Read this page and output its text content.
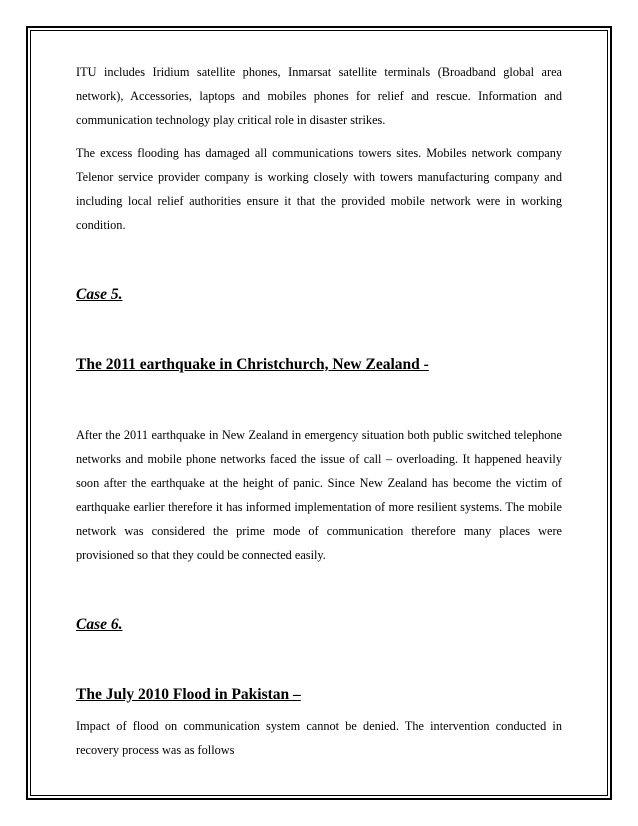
ITU includes Iridium satellite phones, Inmarsat satellite terminals (Broadband global area network), Accessories, laptops and mobiles phones for relief and rescue. Information and communication technology play critical role in disaster strikes.

The excess flooding has damaged all communications towers sites. Mobiles network company Telenor service provider company is working closely with towers manufacturing company and including local relief authorities ensure it that the provided mobile network were in working condition.

Case 5.
The 2011 earthquake in Christchurch, New Zealand -

After the 2011 earthquake in New Zealand in emergency situation both public switched telephone networks and mobile phone networks faced the issue of call – overloading. It happened heavily soon after the earthquake at the height of panic. Since New Zealand has become the victim of earthquake earlier therefore it has informed implementation of more resilient systems. The mobile network was considered the prime mode of communication therefore many places were provisioned so that they could be connected easily.

Case 6.
The July 2010 Flood in Pakistan –

Impact of flood on communication system cannot be denied. The intervention conducted in recovery process was as follows
